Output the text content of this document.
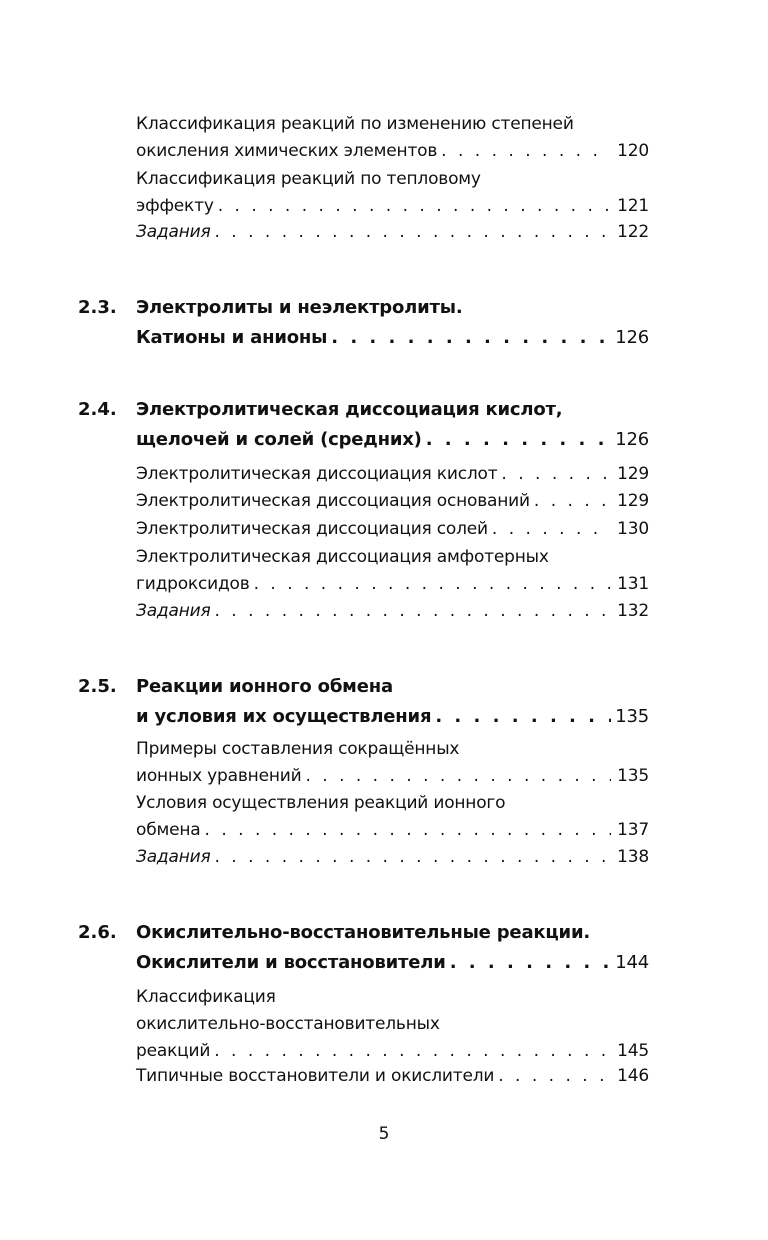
Классификация реакций по изменению степеней
окисления химических элементов . . .	120
Классификация реакций по тепловому
эффекту . . .	121
Задания . . .	122
2.3. Электролиты и неэлектролиты.
Катионы и анионы . . .	126
2.4. Электролитическая диссоциация кислот,
щелочей и солей (средних) . . .	126
Электролитическая диссоциация кислот . . .	129
Электролитическая диссоциация оснований . . .	129
Электролитическая диссоциация солей . . .	130
Электролитическая диссоциация амфотерных
гидроксидов . . .	131
Задания . . .	132
2.5. Реакции ионного обмена
и условия их осуществления . . .	135
Примеры составления сокращённых
ионных уравнений . . .	135
Условия осуществления реакций ионного
обмена . . .	137
Задания . . .	138
2.6. Окислительно-восстановительные реакции.
Окислители и восстановители . . .	144
Классификация
окислительно-восстановительных
реакций . . .	145
Типичные восстановители и окислители . . .	146
5
